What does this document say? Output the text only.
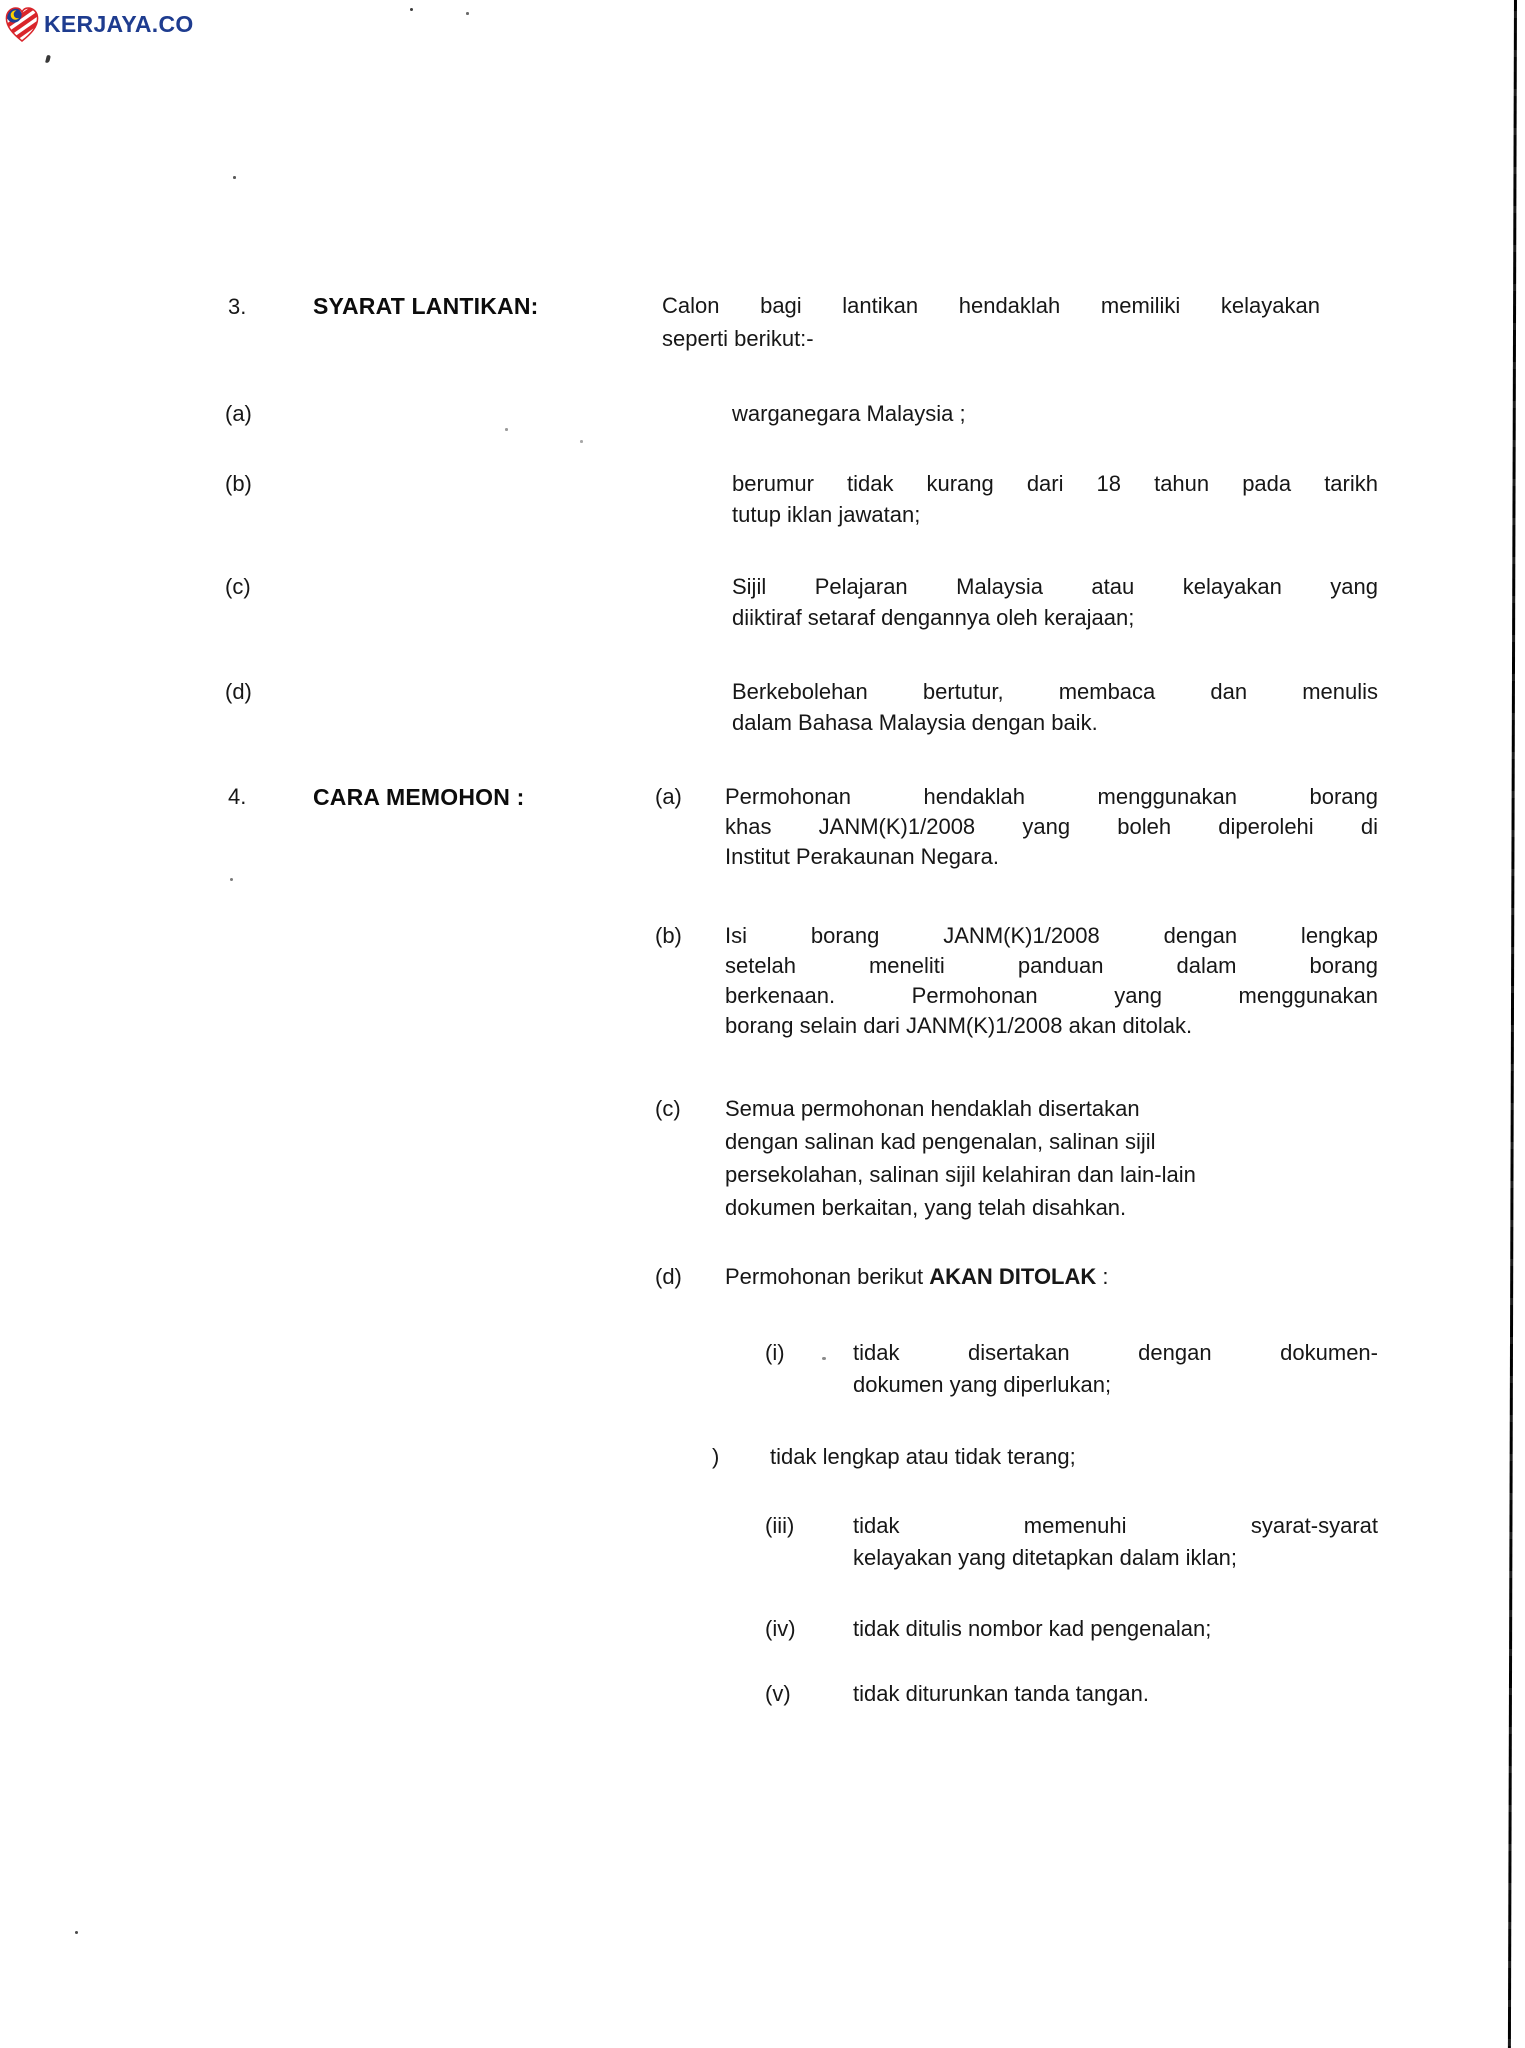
KERJAYA.CO
3.	SYARAT LANTIKAN:	Calon bagi lantikan hendaklah memiliki kelayakan
seperti berikut:-
(a)	warganegara Malaysia ;
(b)	berumur tidak kurang dari 18 tahun pada tarikh
tutup iklan jawatan;
(c)	Sijil Pelajaran Malaysia atau kelayakan yang
diiktiraf setaraf dengannya oleh kerajaan;
(d)	Berkebolehan bertutur, membaca dan menulis
dalam Bahasa Malaysia dengan baik.
4.	CARA MEMOHON :	(a) Permohonan hendaklah menggunakan borang
khas JANM(K)1/2008 yang boleh diperolehi di
Institut Perakaunan Negara.
(b) Isi borang JANM(K)1/2008 dengan lengkap
setelah meneliti panduan dalam borang
berkenaan. Permohonan yang menggunakan
borang selain dari JANM(K)1/2008 akan ditolak.
(c) Semua permohonan hendaklah disertakan
dengan salinan kad pengenalan, salinan sijil
persekolahan, salinan sijil kelahiran dan lain-lain
dokumen berkaitan, yang telah disahkan.
(d) Permohonan berikut AKAN DITOLAK :
(i)	tidak disertakan dengan dokumen-
dokumen yang diperlukan;
) tidak lengkap atau tidak terang;
(iii)	tidak memenuhi syarat-syarat
kelayakan yang ditetapkan dalam iklan;
(iv)	tidak ditulis nombor kad pengenalan;
(v)	tidak diturunkan tanda tangan.
